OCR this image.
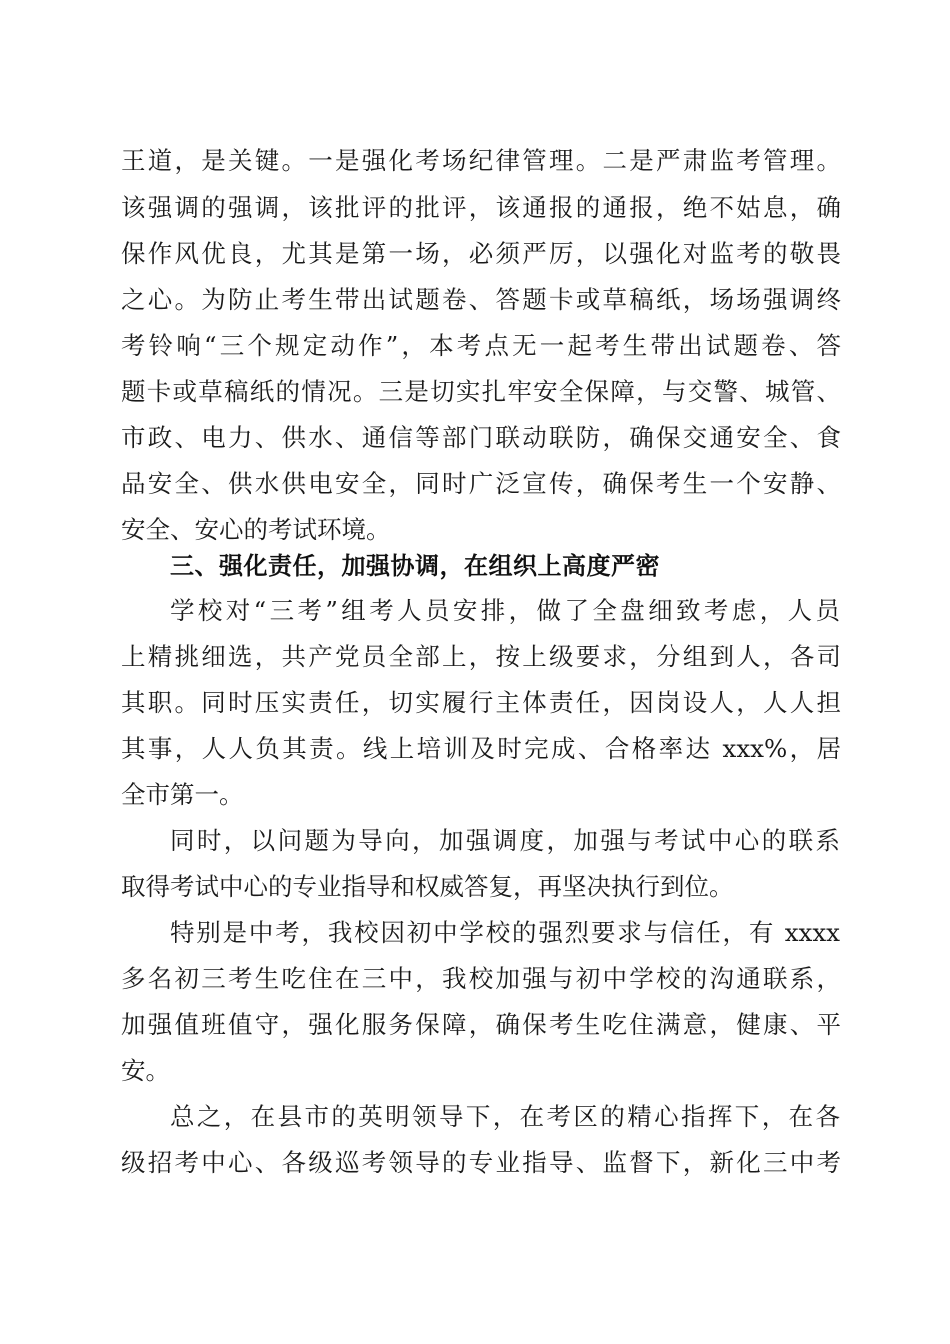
王道，是关键。一是强化考场纪律管理。二是严肃监考管理。
该强调的强调，该批评的批评，该通报的通报，绝不姑息，确
保作风优良，尤其是第一场，必须严厉，以强化对监考的敬畏
之心。为防止考生带出试题卷、答题卡或草稿纸，场场强调终
考铃响“三个规定动作”，本考点无一起考生带出试题卷、答
题卡或草稿纸的情况。三是切实扎牢安全保障，与交警、城管、
市政、电力、供水、通信等部门联动联防，确保交通安全、食
品安全、供水供电安全，同时广泛宣传，确保考生一个安静、
安全、安心的考试环境。
三、强化责任，加强协调，在组织上高度严密
学校对“三考”组考人员安排，做了全盘细致考虑，人员
上精挑细选，共产党员全部上，按上级要求，分组到人，各司
其职。同时压实责任，切实履行主体责任，因岗设人，人人担
其事，人人负其责。线上培训及时完成、合格率达 xxx%，居
全市第一。
同时，以问题为导向，加强调度，加强与考试中心的联系
取得考试中心的专业指导和权威答复，再坚决执行到位。
特别是中考，我校因初中学校的强烈要求与信任，有 xxxx
多名初三考生吃住在三中，我校加强与初中学校的沟通联系，
加强值班值守，强化服务保障，确保考生吃住满意，健康、平
安。
总之，在县市的英明领导下，在考区的精心指挥下，在各
级招考中心、各级巡考领导的专业指导、监督下，新化三中考
